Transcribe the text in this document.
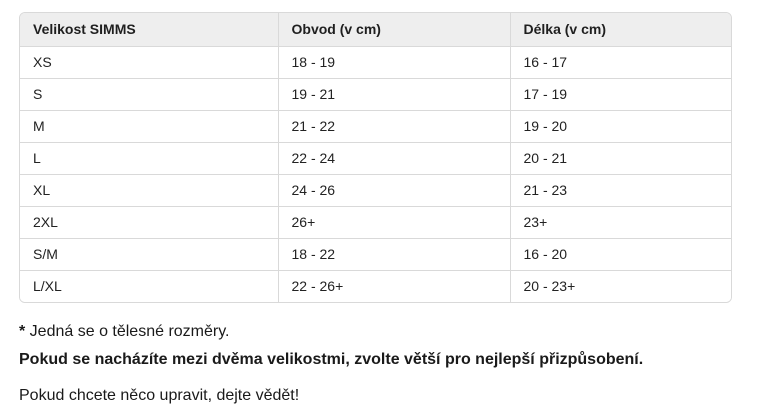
Velikost SIMMS	Obvod (v cm)	Délka (v cm)
XS	18 - 19	16 - 17
S	19 - 21	17 - 19
M	21 - 22	19 - 20
L	22 - 24	20 - 21
XL	24 - 26	21 - 23
2XL	26+	23+
S/M	18 - 22	16 - 20
L/XL	22 - 26+	20 - 23+

* Jedná se o tělesné rozměry.

Pokud se nacházíte mezi dvěma velikostmi, zvolte větší pro nejlepší přizpůsobení.

Pokud chcete něco upravit, dejte vědět!
